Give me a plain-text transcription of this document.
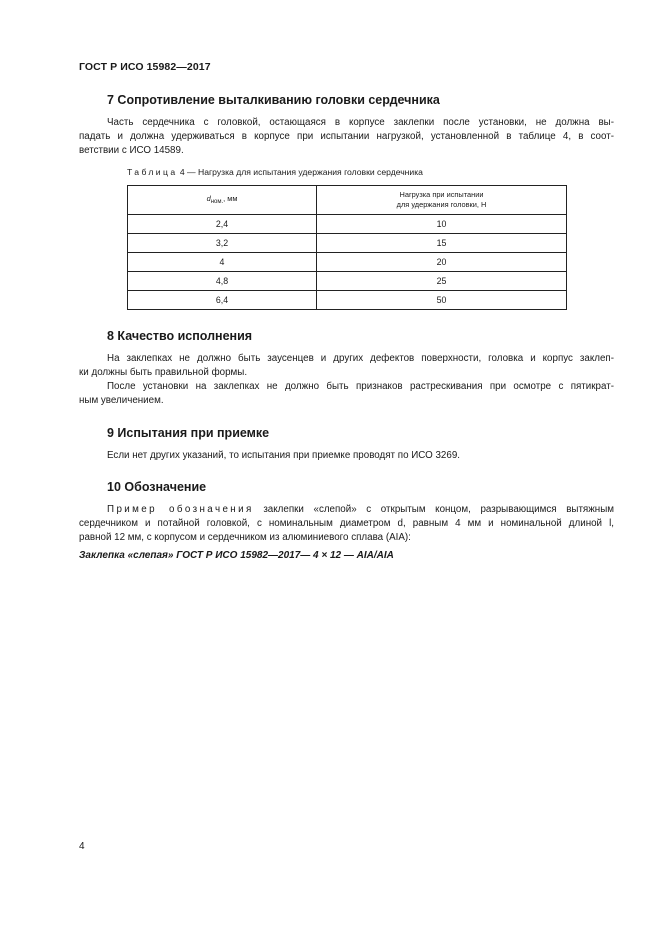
ГОСТ Р ИСО 15982—2017
7 Сопротивление выталкиванию головки сердечника
Часть сердечника с головкой, остающаяся в корпусе заклепки после установки, не должна вы-
падать и должна удерживаться в корпусе при испытании нагрузкой, установленной в таблице 4, в соот-
ветствии с ИСО 14589.
Таблица 4 — Нагрузка для испытания удержания головки сердечника
$d_{ном.}$, мм	Нагрузка при испытании
для удержания головки, Н

2,4	10
3,2	15
4	20
4,8	25
6,4	50
8 Качество исполнения
На заклепках не должно быть заусенцев и других дефектов поверхности, головка и корпус заклеп-
ки должны быть правильной формы.
После установки на заклепках не должно быть признаков растрескивания при осмотре с пятикрат-
ным увеличением.
9 Испытания при приемке
Если нет других указаний, то испытания при приемке проводят по ИСО 3269.
10 Обозначение
Пример обозначения заклепки «слепой» с открытым концом, разрывающимся вытяжным
сердечником и потайной головкой, с номинальным диаметром d, равным 4 мм и номинальной длиной l,
равной 12 мм, с корпусом и сердечником из алюминиевого сплава (AIA):
Заклепка «слепая» ГОСТ Р ИСО 15982—2017— 4 × 12 — AIA/AIA
4
